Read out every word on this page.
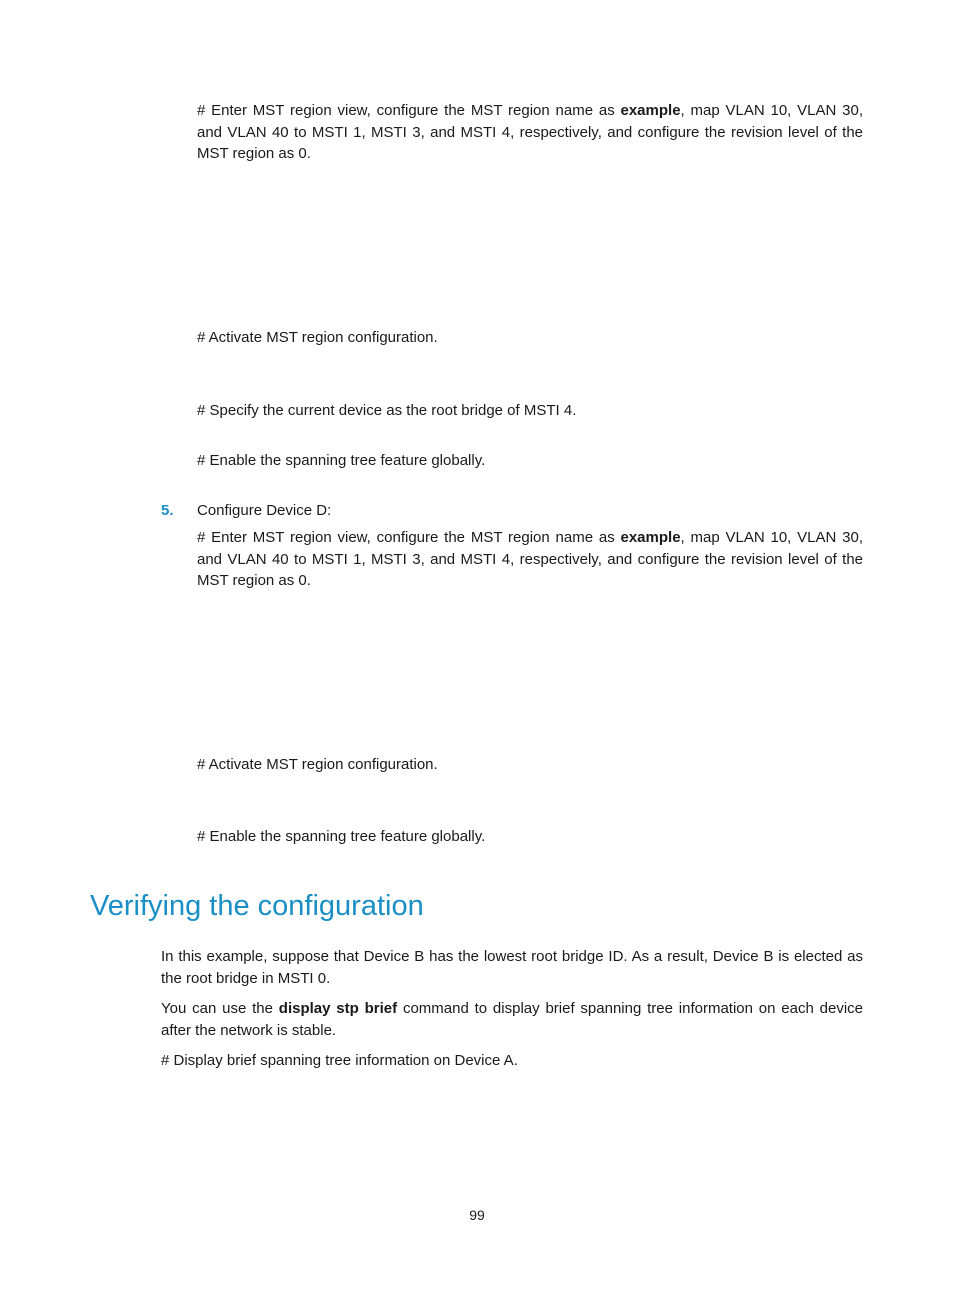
# Enter MST region view, configure the MST region name as example, map VLAN 10, VLAN 30, and VLAN 40 to MSTI 1, MSTI 3, and MSTI 4, respectively, and configure the revision level of the MST region as 0.

# Activate MST region configuration.

# Specify the current device as the root bridge of MSTI 4.

# Enable the spanning tree feature globally.

5. Configure Device D:

# Enter MST region view, configure the MST region name as example, map VLAN 10, VLAN 30, and VLAN 40 to MSTI 1, MSTI 3, and MSTI 4, respectively, and configure the revision level of the MST region as 0.

# Activate MST region configuration.

# Enable the spanning tree feature globally.

Verifying the configuration

In this example, suppose that Device B has the lowest root bridge ID. As a result, Device B is elected as the root bridge in MSTI 0.

You can use the display stp brief command to display brief spanning tree information on each device after the network is stable.

# Display brief spanning tree information on Device A.

99
